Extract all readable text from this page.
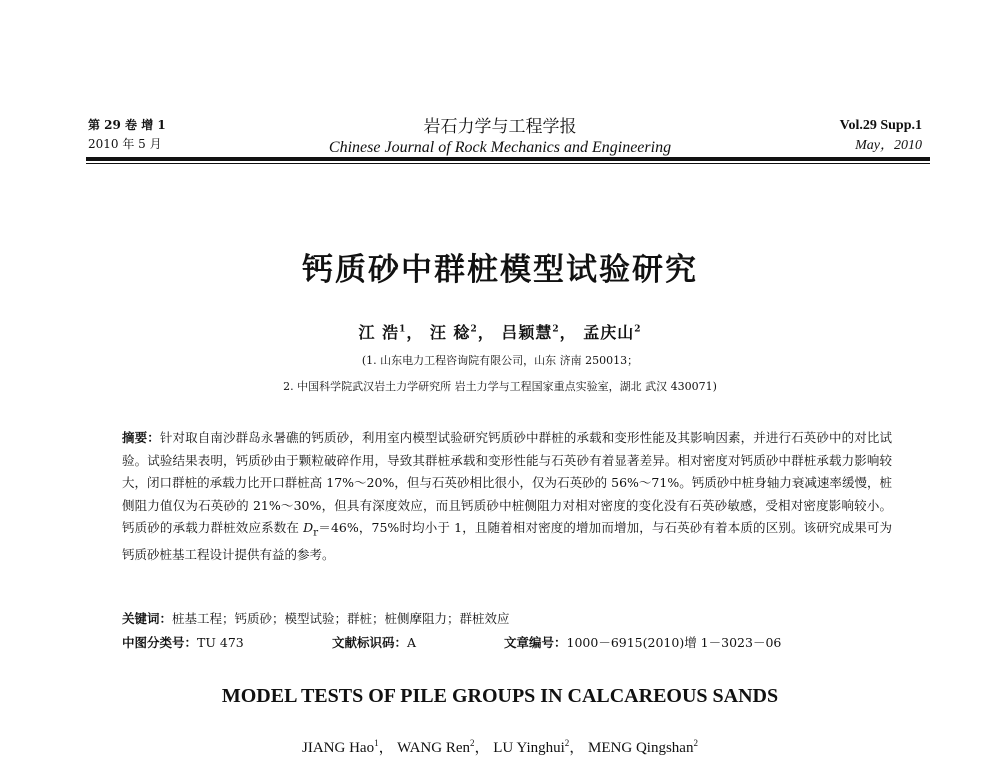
第 29 卷 增 1
2010 年 5 月
岩石力学与工程学报
Chinese Journal of Rock Mechanics and Engineering
Vol.29 Supp.1
May，2010
钙质砂中群桩模型试验研究
江 浩$^1$， 汪 稔$^2$， 吕颖慧$^2$， 孟庆山$^2$
(1. 山东电力工程咨询院有限公司，山东 济南 250013；
2. 中国科学院武汉岩土力学研究所 岩土力学与工程国家重点实验室，湖北 武汉 430071)
摘要：针对取自南沙群岛永暑礁的钙质砂，利用室内模型试验研究钙质砂中群桩的承载和变形性能及其影响因素，并进行石英砂中的对比试验。试验结果表明，钙质砂由于颗粒破碎作用，导致其群桩承载和变形性能与石英砂有着显著差异。相对密度对钙质砂中群桩承载力影响较大，闭口群桩的承载力比开口群桩高 17%～20%，但与石英砂相比很小，仅为石英砂的 56%～71%。钙质砂中桩身轴力衰减速率缓慢，桩侧阻力值仅为石英砂的 21%～30%，但具有深度效应，而且钙质砂中桩侧阻力对相对密度的变化没有石英砂敏感，受相对密度影响较小。钙质砂的承载力群桩效应系数在 $D_r=46\%$，75%时均小于 1，且随着相对密度的增加而增加，与石英砂有着本质的区别。该研究成果可为钙质砂桩基工程设计提供有益的参考。
关键词：桩基工程；钙质砂；模型试验；群桩；桩侧摩阻力；群桩效应
中图分类号：TU 473	文献标识码：A	文章编号：1000－6915(2010)增 1－3023－06
MODEL TESTS OF PILE GROUPS IN CALCAREOUS SANDS
JIANG Hao$^1$， WANG Ren$^2$， LU Yinghui$^2$， MENG Qingshan$^2$
